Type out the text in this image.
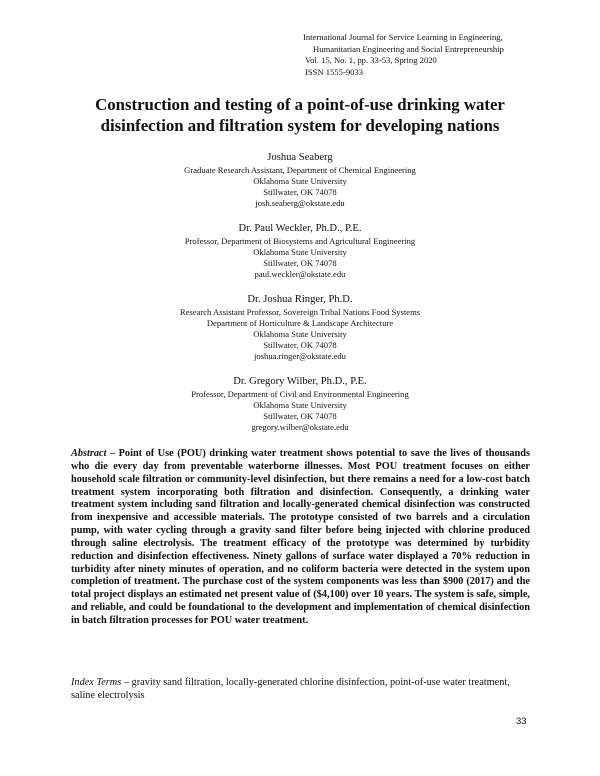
International Journal for Service Learning in Engineering,
Humanitarian Engineering and Social Entrepreneurship
Vol. 15, No. 1, pp. 33-53, Spring 2020
ISSN 1555-9033
Construction and testing of a point-of-use drinking water
disinfection and filtration system for developing nations
Joshua Seaberg
Graduate Research Assistant, Department of Chemical Engineering
Oklahoma State University
Stillwater, OK 74078
josh.seaberg@okstate.edu
Dr. Paul Weckler, Ph.D., P.E.
Professor, Department of Biosystems and Agricultural Engineering
Oklahoma State University
Stillwater, OK 74078
paul.weckler@okstate.edu
Dr. Joshua Ringer, Ph.D.
Research Assistant Professor, Sovereign Tribal Nations Food Systems
Department of Horticulture & Landscape Architecture
Oklahoma State University
Stillwater, OK 74078
joshua.ringer@okstate.edu
Dr. Gregory Wilber, Ph.D., P.E.
Professor, Department of Civil and Environmental Engineering
Oklahoma State University
Stillwater, OK 74078
gregory.wilber@okstate.edu
Abstract – Point of Use (POU) drinking water treatment shows potential to save the lives of thousands who die every day from preventable waterborne illnesses. Most POU treatment focuses on either household scale filtration or community-level disinfection, but there remains a need for a low-cost batch treatment system incorporating both filtration and disinfection. Consequently, a drinking water treatment system including sand filtration and locally-generated chemical disinfection was constructed from inexpensive and accessible materials. The prototype consisted of two barrels and a circulation pump, with water cycling through a gravity sand filter before being injected with chlorine produced through saline electrolysis. The treatment efficacy of the prototype was determined by turbidity reduction and disinfection effectiveness. Ninety gallons of surface water displayed a 70% reduction in turbidity after ninety minutes of operation, and no coliform bacteria were detected in the system upon completion of treatment. The purchase cost of the system components was less than $900 (2017) and the total project displays an estimated net present value of ($4,100) over 10 years. The system is safe, simple, and reliable, and could be foundational to the development and implementation of chemical disinfection in batch filtration processes for POU water treatment.
Index Terms – gravity sand filtration, locally-generated chlorine disinfection, point-of-use water treatment, saline electrolysis
33
